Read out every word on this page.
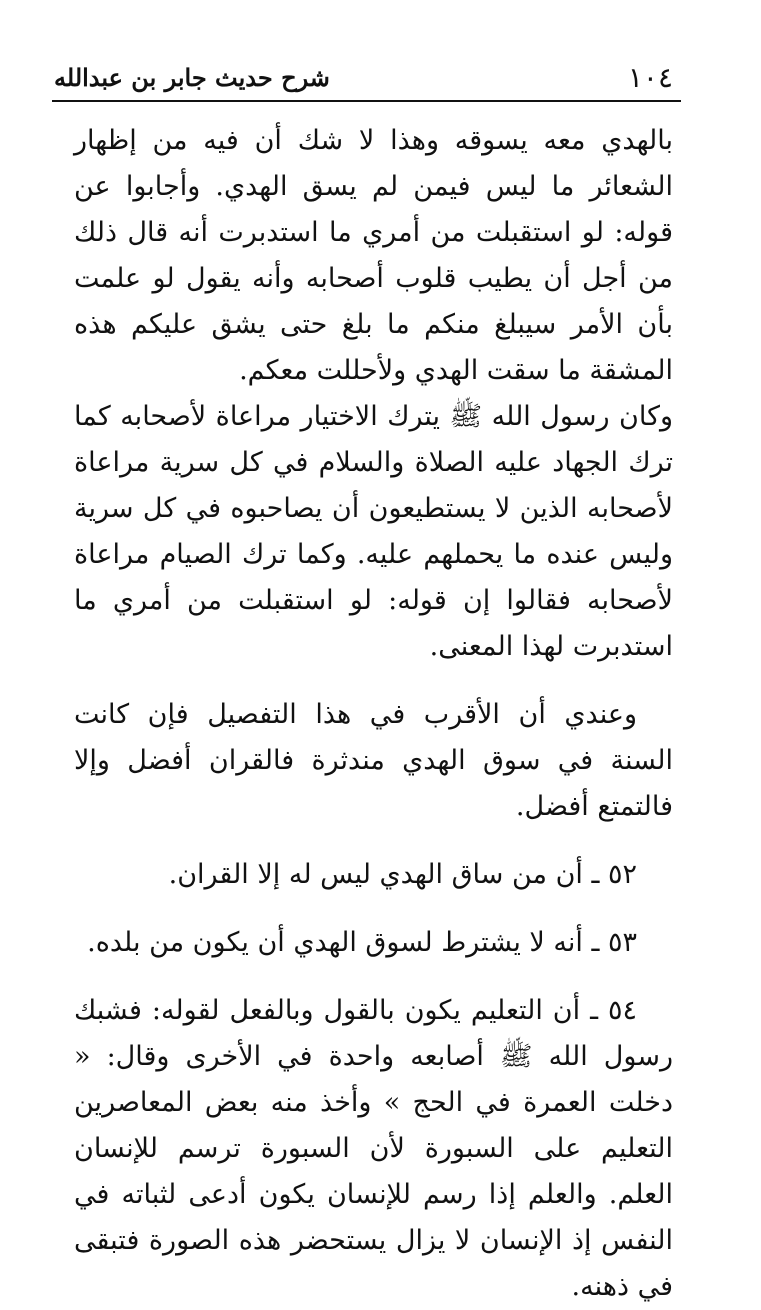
١٠٤
شرح حديث جابر بن عبدالله

بالهدي معه يسوقه وهذا لا شك أن فيه من إظهار الشعائر ما ليس فيمن لم يسق الهدي. وأجابوا عن قوله: لو استقبلت من أمري ما استدبرت أنه قال ذلك من أجل أن يطيب قلوب أصحابه وأنه يقول لو علمت بأن الأمر سيبلغ منكم ما بلغ حتى يشق عليكم هذه المشقة ما سقت الهدي ولأحللت معكم.

وكان رسول الله ﷺ يترك الاختيار مراعاة لأصحابه كما ترك الجهاد عليه الصلاة والسلام في كل سرية مراعاة لأصحابه الذين لا يستطيعون أن يصاحبوه في كل سرية وليس عنده ما يحملهم عليه. وكما ترك الصيام مراعاة لأصحابه فقالوا إن قوله: لو استقبلت من أمري ما استدبرت لهذا المعنى.

وعندي أن الأقرب في هذا التفصيل فإن كانت السنة في سوق الهدي مندثرة فالقران أفضل وإلا فالتمتع أفضل.

٥٢ ـ أن من ساق الهدي ليس له إلا القران.

٥٣ ـ أنه لا يشترط لسوق الهدي أن يكون من بلده.

٥٤ ـ أن التعليم يكون بالقول وبالفعل لقوله: فشبك رسول الله ﷺ أصابعه واحدة في الأخرى وقال: « دخلت العمرة في الحج » وأخذ منه بعض المعاصرين التعليم على السبورة لأن السبورة ترسم للإنسان العلم. والعلم إذا رسم للإنسان يكون أدعى لثباته في النفس إذ الإنسان لا يزال يستحضر هذه الصورة فتبقى في ذهنه.
